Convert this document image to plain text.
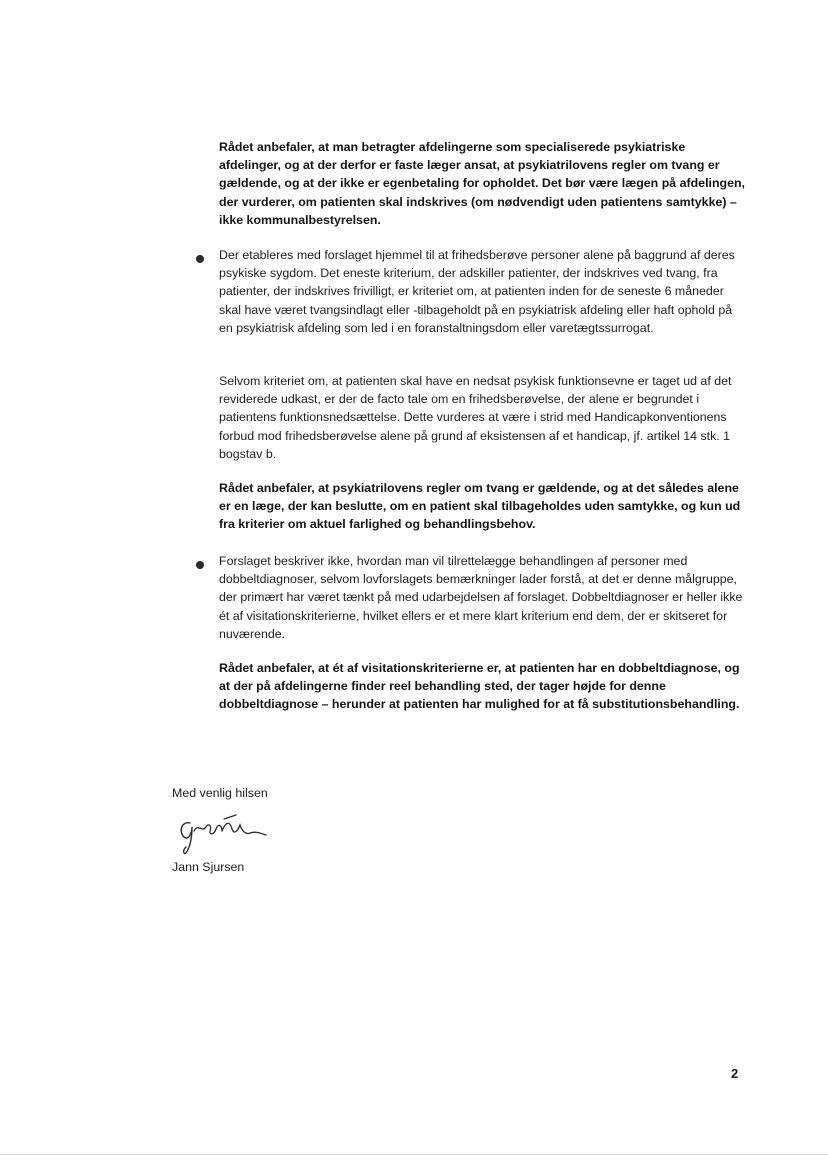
Rådet anbefaler, at man betragter afdelingerne som specialiserede psykiatriske afdelinger, og at der derfor er faste læger ansat, at psykiatrilovens regler om tvang er gældende, og at der ikke er egenbetaling for opholdet. Det bør være lægen på afdelingen, der vurderer, om patienten skal indskrives (om nødvendigt uden patientens samtykke) – ikke kommunalbestyrelsen.

Der etableres med forslaget hjemmel til at frihedsberøve personer alene på baggrund af deres psykiske sygdom. Det eneste kriterium, der adskiller patienter, der indskrives ved tvang, fra patienter, der indskrives frivilligt, er kriteriet om, at patienten inden for de seneste 6 måneder skal have været tvangsindlagt eller -tilbageholdt på en psykiatrisk afdeling eller haft ophold på en psykiatrisk afdeling som led i en foranstaltningsdom eller varetægtssurrogat.

Selvom kriteriet om, at patienten skal have en nedsat psykisk funktionsevne er taget ud af det reviderede udkast, er der de facto tale om en frihedsberøvelse, der alene er begrundet i patientens funktionsnedsættelse. Dette vurderes at være i strid med Handicapkonventionens forbud mod frihedsberøvelse alene på grund af eksistensen af et handicap, jf. artikel 14 stk. 1 bogstav b.

Rådet anbefaler, at psykiatrilovens regler om tvang er gældende, og at det således alene er en læge, der kan beslutte, om en patient skal tilbageholdes uden samtykke, og kun ud fra kriterier om aktuel farlighed og behandlingsbehov.

Forslaget beskriver ikke, hvordan man vil tilrettelægge behandlingen af personer med dobbeltdiagnoser, selvom lovforslagets bemærkninger lader forstå, at det er denne målgruppe, der primært har været tænkt på med udarbejdelsen af forslaget. Dobbeltdiagnoser er heller ikke ét af visitationskriterierne, hvilket ellers er et mere klart kriterium end dem, der er skitseret for nuværende.

Rådet anbefaler, at ét af visitationskriterierne er, at patienten har en dobbeltdiagnose, og at der på afdelingerne finder reel behandling sted, der tager højde for denne dobbeltdiagnose – herunder at patienten har mulighed for at få substitutionsbehandling.

Med venlig hilsen

Jann Sjursen

2
